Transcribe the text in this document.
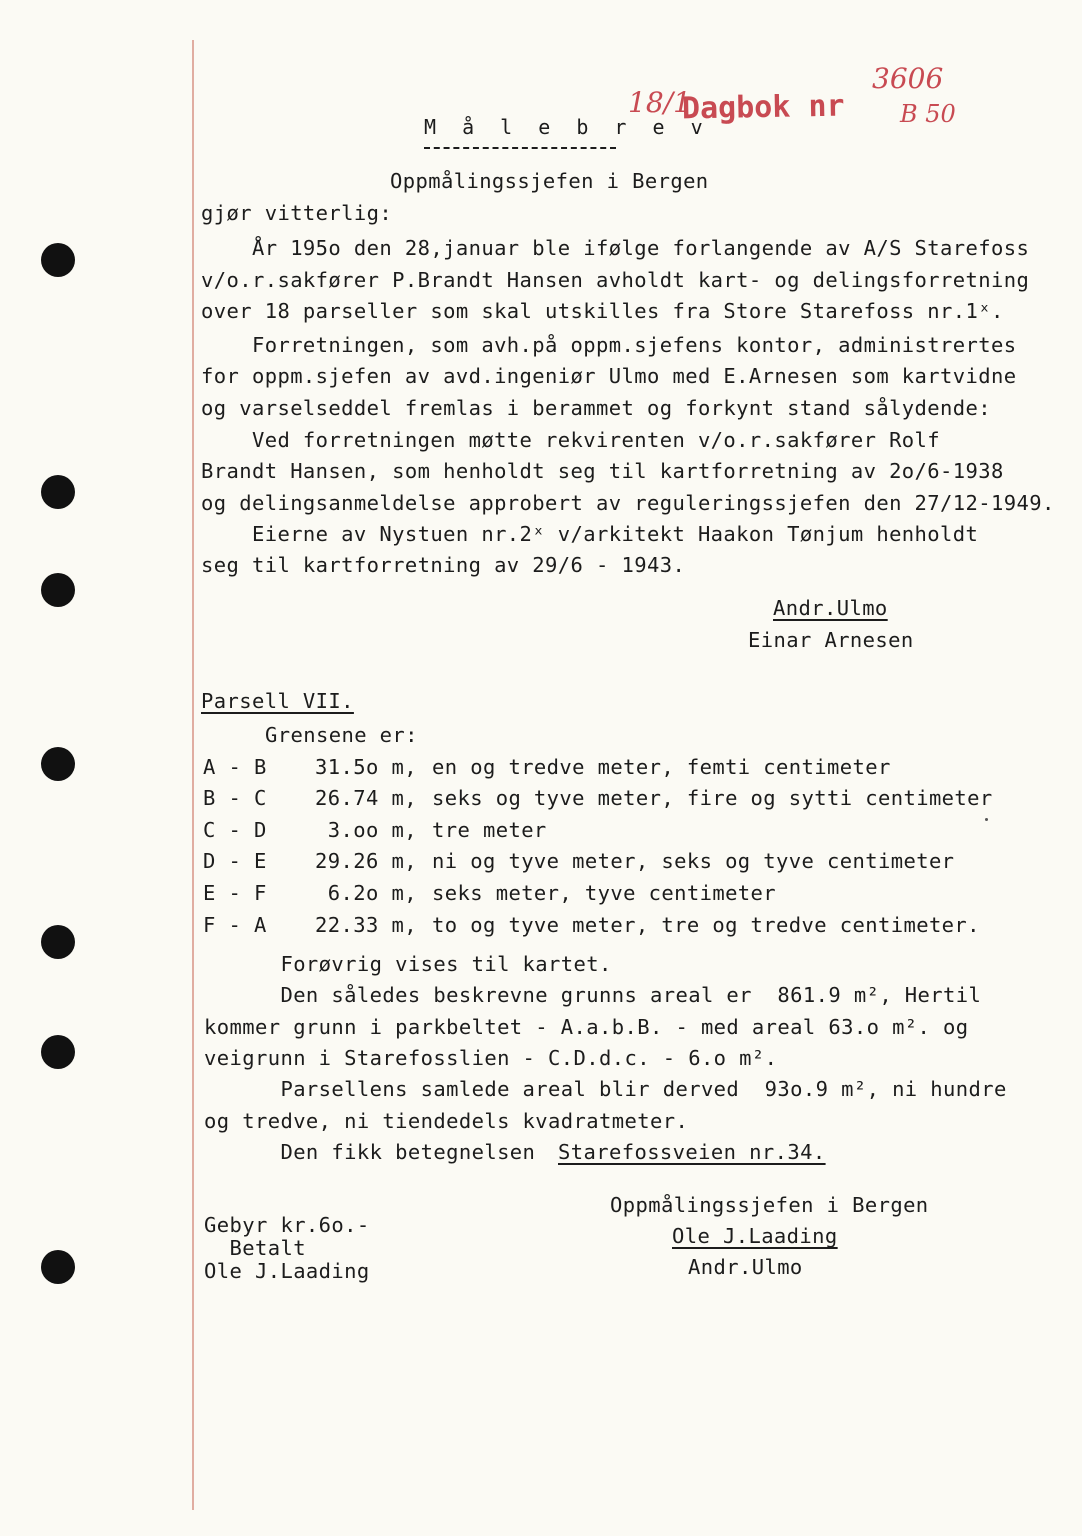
18/1
Dagbok nr
3606
B 50
M å l e b r e v
Oppmålingssjefen i Bergen
gjør vitterlig:
År 195o den 28,januar ble ifølge forlangende av A/S Starefoss
v/o.r.sakfører P.Brandt Hansen avholdt kart- og delingsforretning
over 18 parseller som skal utskilles fra Store Starefoss nr.1ˣ.
Forretningen, som avh.på oppm.sjefens kontor, administrertes
for oppm.sjefen av avd.ingeniør Ulmo med E.Arnesen som kartvidne
og varselseddel fremlas i berammet og forkynt stand sålydende:
Ved forretningen møtte rekvirenten v/o.r.sakfører Rolf
Brandt Hansen, som henholdt seg til kartforretning av 2o/6-1938
og delingsanmeldelse approbert av reguleringssjefen den 27/12-1949.
Eierne av Nystuen nr.2ˣ v/arkitekt Haakon Tønjum henholdt
seg til kartforretning av 29/6 - 1943.
Andr.Ulmo
Einar Arnesen
Parsell VII.
Grensene er:
A - B 31.5o m, en og tredve meter, femti centimeter
B - C 26.74 m, seks og tyve meter, fire og sytti centimeter
C - D 3.oo m, tre meter
D - E 29.26 m, ni og tyve meter, seks og tyve centimeter
E - F 6.2o m, seks meter, tyve centimeter
F - A 22.33 m, to og tyve meter, tre og tredve centimeter.
Forøvrig vises til kartet.
Den således beskrevne grunns areal er  861.9 m², Hertil
kommer grunn i parkbeltet - A.a.b.B. - med areal 63.o m². og
veigrunn i Starefosslien - C.D.d.c. - 6.o m².
Parsellens samlede areal blir derved  93o.9 m², ni hundre
og tredve, ni tiendedels kvadratmeter.
Den fikk betegnelsen Starefossveien nr.34.
Gebyr kr.6o.-
Betalt
Ole J.Laading
Oppmålingssjefen i Bergen
Ole J.Laading
Andr.Ulmo
